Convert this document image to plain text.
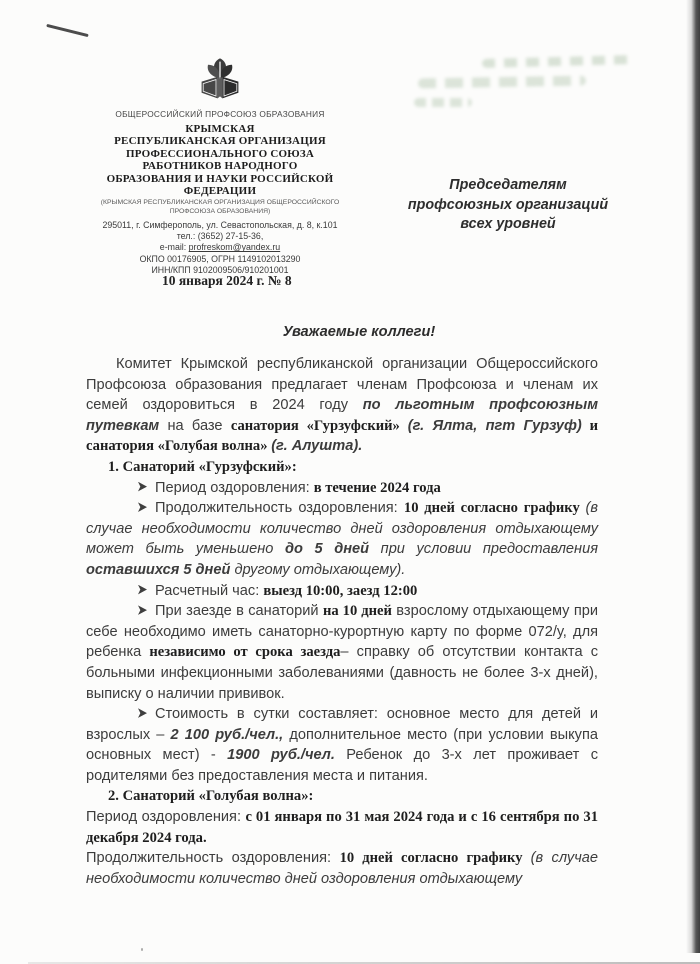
ОБЩЕРОССИЙСКИЙ ПРОФСОЮЗ ОБРАЗОВАНИЯ
КРЫМСКАЯ
РЕСПУБЛИКАНСКАЯ ОРГАНИЗАЦИЯ
ПРОФЕССИОНАЛЬНОГО СОЮЗА
РАБОТНИКОВ НАРОДНОГО
ОБРАЗОВАНИЯ И НАУКИ РОССИЙСКОЙ
ФЕДЕРАЦИИ
(КРЫМСКАЯ РЕСПУБЛИКАНСКАЯ ОРГАНИЗАЦИЯ ОБЩЕРОССИЙСКОГО
ПРОФСОЮЗА ОБРАЗОВАНИЯ)
295011, г. Симферополь, ул. Севастопольская, д. 8, к.101
тел.: (3652) 27-15-36,
e-mail: profreskom@yandex.ru
ОКПО 00176905, ОГРН 1149102013290
ИНН/КПП 9102009506/910201001
Председателям
профсоюзных организаций
всех уровней
10 января 2024 г. № 8
Уважаемые коллеги!

Комитет Крымской республиканской организации Общероссийского Профсоюза образования предлагает членам Профсоюза и членам их семей оздоровиться в 2024 году по льготным профсоюзным путевкам на базе санатория «Гурзуфский» (г. Ялта, пгт Гурзуф) и санатория «Голубая волна» (г. Алушта).

1. Санаторий «Гурзуфский»:

Период оздоровления: в течение 2024 года

Продолжительность оздоровления: 10 дней согласно графику (в случае необходимости количество дней оздоровления отдыхающему может быть уменьшено до 5 дней при условии предоставления оставшихся 5 дней другому отдыхающему).

Расчетный час: выезд 10:00, заезд 12:00

При заезде в санаторий на 10 дней взрослому отдыхающему при себе необходимо иметь санаторно-курортную карту по форме 072/у, для ребенка независимо от срока заезда– справку об отсутствии контакта с больными инфекционными заболеваниями (давность не более 3-х дней), выписку о наличии прививок.

Стоимость в сутки составляет: основное место для детей и взрослых – 2 100 руб./чел., дополнительное место (при условии выкупа основных мест) - 1900 руб./чел. Ребенок до 3-х лет проживает с родителями без предоставления места и питания.

2. Санаторий «Голубая волна»:

Период оздоровления: с 01 января по 31 мая 2024 года и с 16 сентября по 31 декабря 2024 года.

Продолжительность оздоровления: 10 дней согласно графику (в случае необходимости количество дней оздоровления отдыхающему
